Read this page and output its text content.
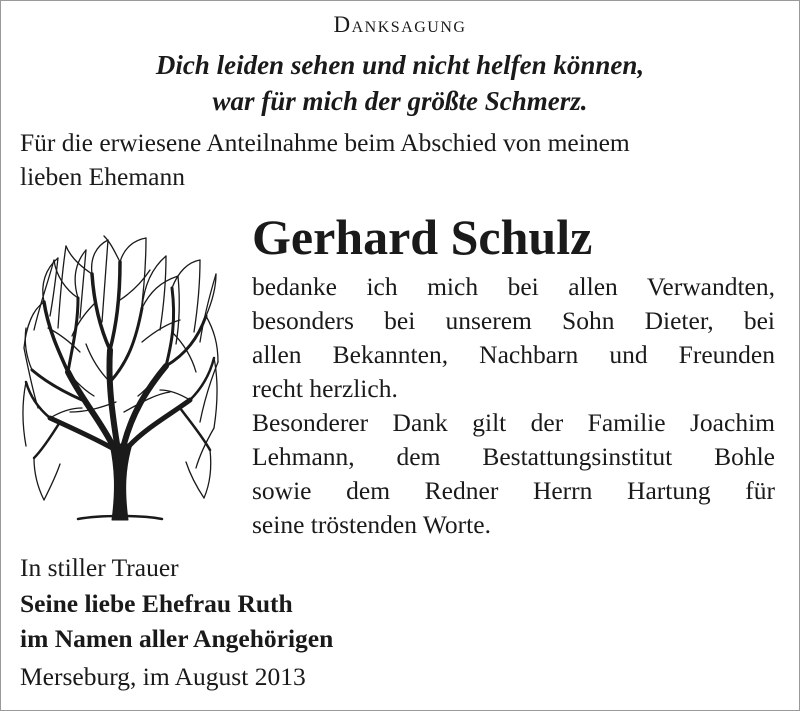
Danksagung
Dich leiden sehen und nicht helfen können,
war für mich der größte Schmerz.
Für die erwiesene Anteilnahme beim Abschied von meinem
lieben Ehemann
Gerhard Schulz
bedanke ich mich bei allen Verwandten,
besonders bei unserem Sohn Dieter, bei
allen Bekannten, Nachbarn und Freunden
recht herzlich.
Besonderer Dank gilt der Familie Joachim
Lehmann, dem Bestattungsinstitut Bohle
sowie dem Redner Herrn Hartung für
seine tröstenden Worte.
In stiller Trauer
Seine liebe Ehefrau Ruth
im Namen aller Angehörigen
Merseburg, im August 2013
